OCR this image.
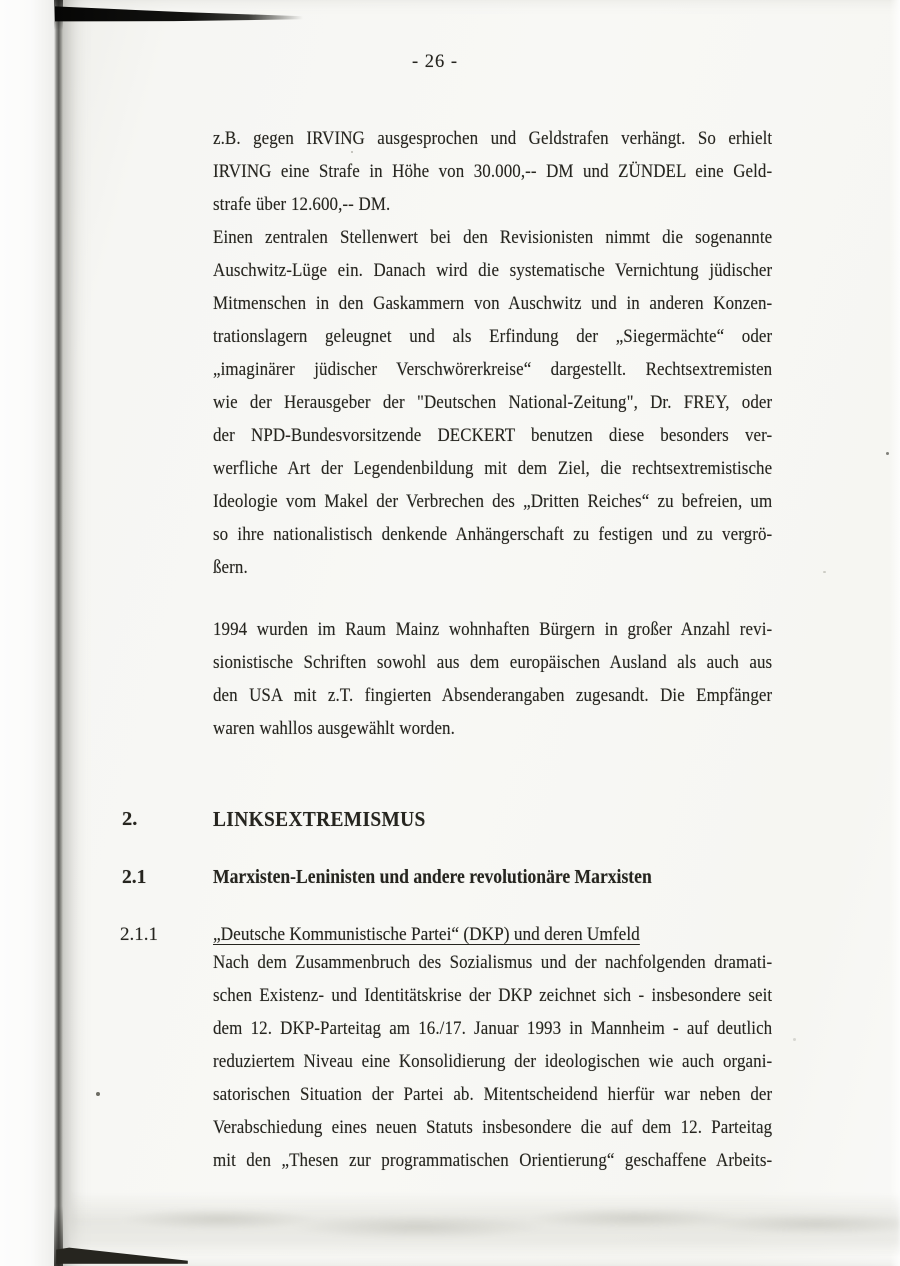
- 26 -
2.
2.1
2.1.1
z.B. gegen IRVING ausgesprochen und Geldstrafen verhängt. So erhielt
IRVING eine Strafe in Höhe von 30.000,-- DM und ZÜNDEL eine Geld-
strafe über 12.600,-- DM.
Einen zentralen Stellenwert bei den Revisionisten nimmt die sogenannte
Auschwitz-Lüge ein. Danach wird die systematische Vernichtung jüdischer
Mitmenschen in den Gaskammern von Auschwitz und in anderen Konzen-
trationslagern geleugnet und als Erfindung der „Siegermächte“ oder
„imaginärer jüdischer Verschwörerkreise“ dargestellt. Rechtsextremisten
wie der Herausgeber der "Deutschen National-Zeitung", Dr. FREY, oder
der NPD-Bundesvorsitzende DECKERT benutzen diese besonders ver-
werfliche Art der Legendenbildung mit dem Ziel, die rechtsextremistische
Ideologie vom Makel der Verbrechen des „Dritten Reiches“ zu befreien, um
so ihre nationalistisch denkende Anhängerschaft zu festigen und zu vergrö-
ßern.
1994 wurden im Raum Mainz wohnhaften Bürgern in großer Anzahl revi-
sionistische Schriften sowohl aus dem europäischen Ausland als auch aus
den USA mit z.T. fingierten Absenderangaben zugesandt. Die Empfänger
waren wahllos ausgewählt worden.
LINKSEXTREMISMUS
Marxisten-Leninisten und andere revolutionäre Marxisten
„Deutsche Kommunistische Partei“ (DKP) und deren Umfeld
Nach dem Zusammenbruch des Sozialismus und der nachfolgenden dramati-
schen Existenz- und Identitätskrise der DKP zeichnet sich - insbesondere seit
dem 12. DKP-Parteitag am 16./17. Januar 1993 in Mannheim - auf deutlich
reduziertem Niveau eine Konsolidierung der ideologischen wie auch organi-
satorischen Situation der Partei ab. Mitentscheidend hierfür war neben der
Verabschiedung eines neuen Statuts insbesondere die auf dem 12. Parteitag
mit den „Thesen zur programmatischen Orientierung“ geschaffene Arbeits-
